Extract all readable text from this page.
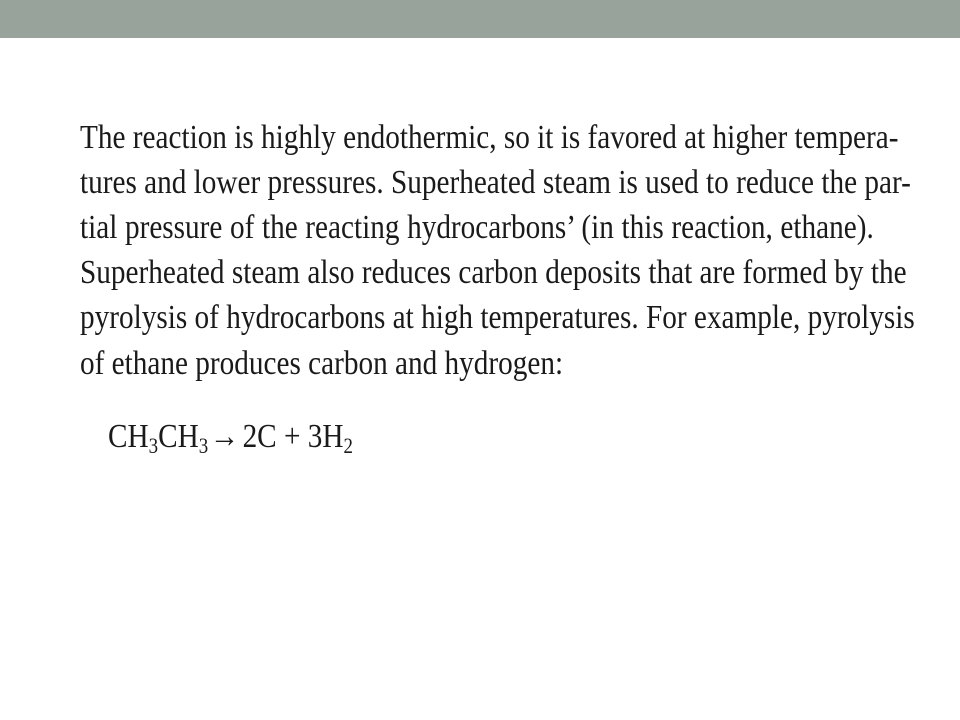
The reaction is highly endothermic, so it is favored at higher tempera-
tures and lower pressures. Superheated steam is used to reduce the par-
tial pressure of the reacting hydrocarbons’ (in this reaction, ethane).
Superheated steam also reduces carbon deposits that are formed by the
pyrolysis of hydrocarbons at high temperatures. For example, pyrolysis
of ethane produces carbon and hydrogen:
$CH_3CH_3\to 2C + 3H_2$
